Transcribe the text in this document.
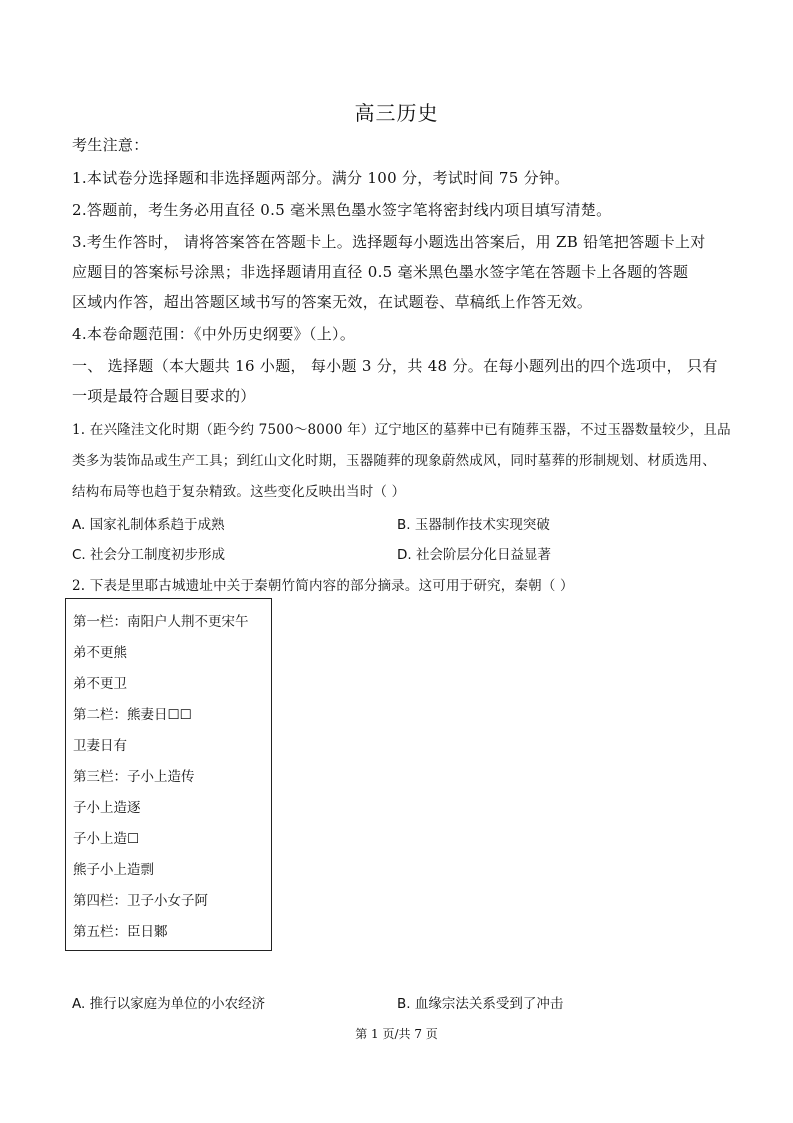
高三历史
考生注意：
1.本试卷分选择题和非选择题两部分。满分 100 分，考试时间 75 分钟。
2.答题前，考生务必用直径 0.5 毫米黑色墨水签字笔将密封线内项目填写清楚。
3.考生作答时， 请将答案答在答题卡上。选择题每小题选出答案后，用 ZB 铅笔把答题卡上对
应题目的答案标号涂黑；非选择题请用直径 0.5 毫米黑色墨水签字笔在答题卡上各题的答题
区域内作答，超出答题区域书写的答案无效，在试题卷、草稿纸上作答无效。
4.本卷命题范围：《中外历史纲要》（上）。
一、 选择题（本大题共 16 小题， 每小题 3 分，共 48 分。在每小题列出的四个选项中， 只有
一项是最符合题目要求的）
1. 在兴隆洼文化时期（距今约 7500～8000 年）辽宁地区的墓葬中已有随葬玉器，不过玉器数量较少，且品
类多为装饰品或生产工具；到红山文化时期，玉器随葬的现象蔚然成风，同时墓葬的形制规划、材质选用、
结构布局等也趋于复杂精致。这些变化反映出当时（ ）
A. 国家礼制体系趋于成熟	B. 玉器制作技术实现突破
C. 社会分工制度初步形成	D. 社会阶层分化日益显著
2. 下表是里耶古城遗址中关于秦朝竹简内容的部分摘录。这可用于研究，秦朝（ ）
第一栏：南阳户人荆不更宋午
弟不更熊
弟不更卫
第二栏：熊妻日☐☐
卫妻日有
第三栏：子小上造传
子小上造逐
子小上造☐
熊子小上造剽
第四栏：卫子小女子阿
第五栏：臣日鄹
A. 推行以家庭为单位的小农经济	B. 血缘宗法关系受到了冲击
第 1 页/共 7 页
